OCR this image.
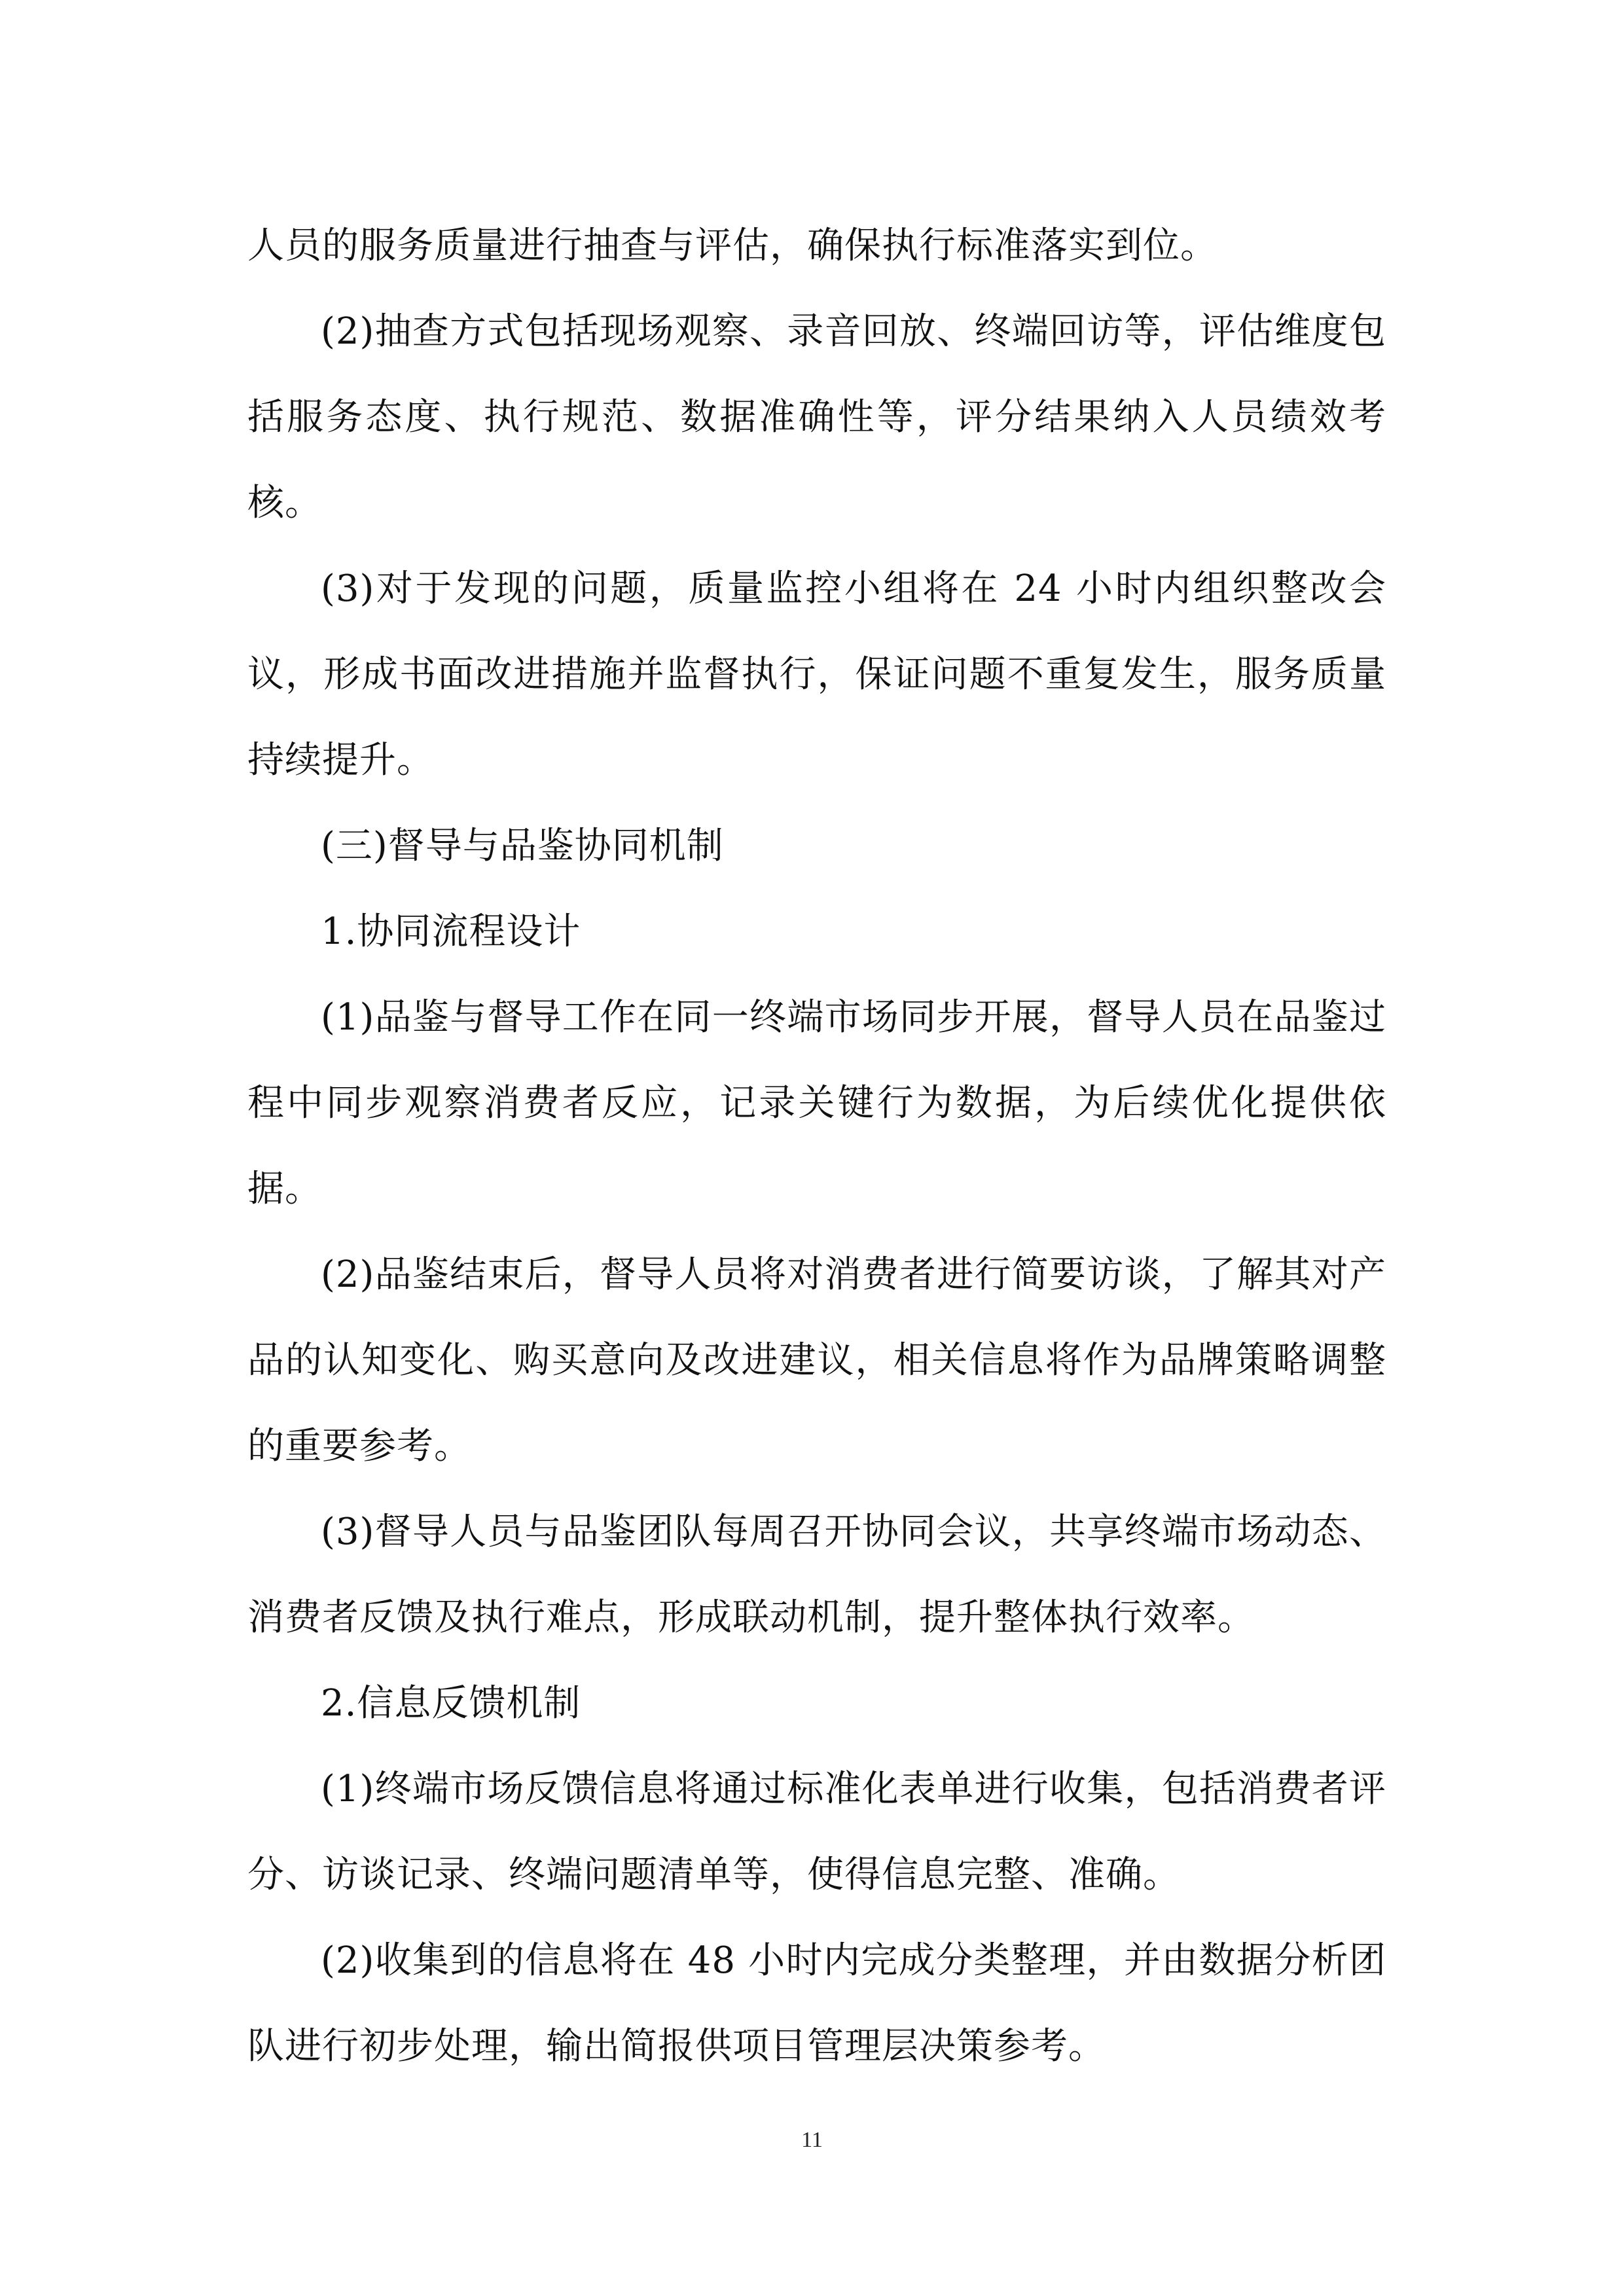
人员的服务质量进行抽查与评估，确保执行标准落实到位。

(2)抽查方式包括现场观察、录音回放、终端回访等，评估维度包括服务态度、执行规范、数据准确性等，评分结果纳入人员绩效考核。

(3)对于发现的问题，质量监控小组将在 24 小时内组织整改会议，形成书面改进措施并监督执行，保证问题不重复发生，服务质量持续提升。

(三)督导与品鉴协同机制

1.协同流程设计

(1)品鉴与督导工作在同一终端市场同步开展，督导人员在品鉴过程中同步观察消费者反应，记录关键行为数据，为后续优化提供依据。

(2)品鉴结束后，督导人员将对消费者进行简要访谈，了解其对产品的认知变化、购买意向及改进建议，相关信息将作为品牌策略调整的重要参考。

(3)督导人员与品鉴团队每周召开协同会议，共享终端市场动态、消费者反馈及执行难点，形成联动机制，提升整体执行效率。

2.信息反馈机制

(1)终端市场反馈信息将通过标准化表单进行收集，包括消费者评分、访谈记录、终端问题清单等，使得信息完整、准确。

(2)收集到的信息将在 48 小时内完成分类整理，并由数据分析团队进行初步处理，输出简报供项目管理层决策参考。

11
